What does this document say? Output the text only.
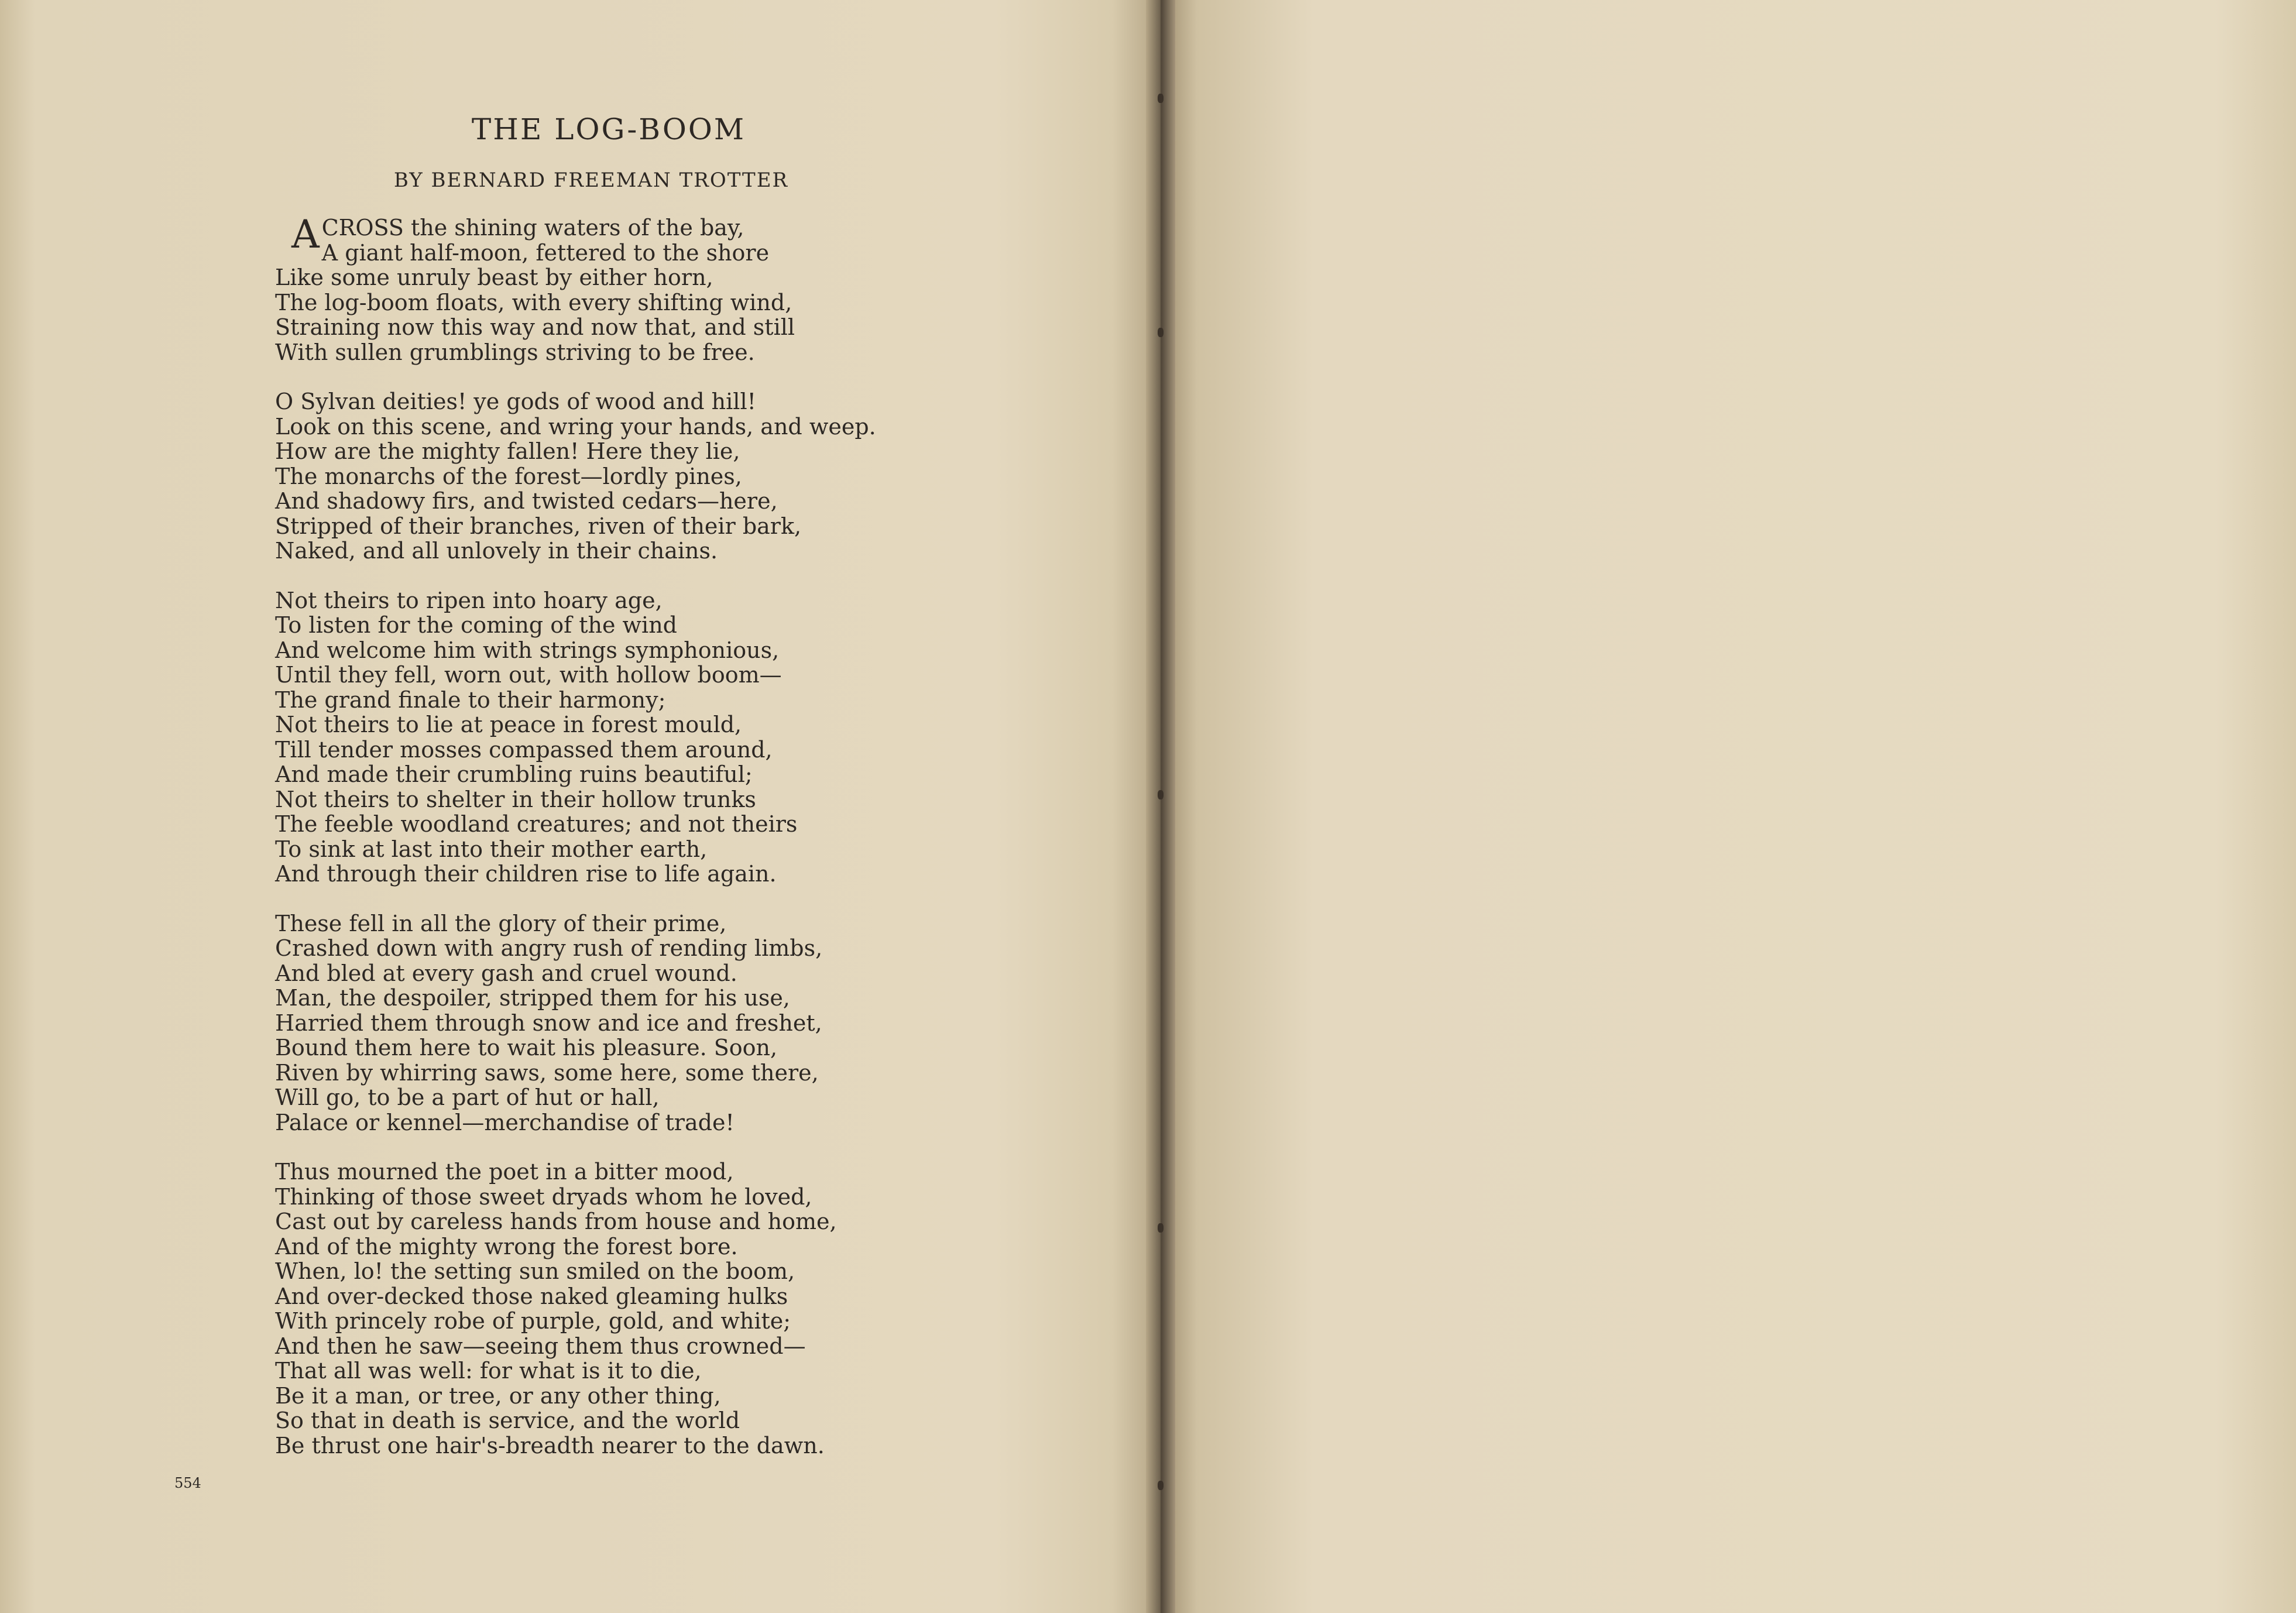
THE LOG-BOOM
BY BERNARD FREEMAN TROTTER
A CROSS the shining waters of the bay,
A giant half-moon, fettered to the shore
Like some unruly beast by either horn,
The log-boom floats, with every shifting wind,
Straining now this way and now that, and still
With sullen grumblings striving to be free.
O Sylvan deities! ye gods of wood and hill!
Look on this scene, and wring your hands, and weep.
How are the mighty fallen! Here they lie,
The monarchs of the forest—lordly pines,
And shadowy firs, and twisted cedars—here,
Stripped of their branches, riven of their bark,
Naked, and all unlovely in their chains.
Not theirs to ripen into hoary age,
To listen for the coming of the wind
And welcome him with strings symphonious,
Until they fell, worn out, with hollow boom—
The grand finale to their harmony;
Not theirs to lie at peace in forest mould,
Till tender mosses compassed them around,
And made their crumbling ruins beautiful;
Not theirs to shelter in their hollow trunks
The feeble woodland creatures; and not theirs
To sink at last into their mother earth,
And through their children rise to life again.
These fell in all the glory of their prime,
Crashed down with angry rush of rending limbs,
And bled at every gash and cruel wound.
Man, the despoiler, stripped them for his use,
Harried them through snow and ice and freshet,
Bound them here to wait his pleasure. Soon,
Riven by whirring saws, some here, some there,
Will go, to be a part of hut or hall,
Palace or kennel—merchandise of trade!
Thus mourned the poet in a bitter mood,
Thinking of those sweet dryads whom he loved,
Cast out by careless hands from house and home,
And of the mighty wrong the forest bore.
When, lo! the setting sun smiled on the boom,
And over-decked those naked gleaming hulks
With princely robe of purple, gold, and white;
And then he saw—seeing them thus crowned—
That all was well: for what is it to die,
Be it a man, or tree, or any other thing,
So that in death is service, and the world
Be thrust one hair's-breadth nearer to the dawn.
554
